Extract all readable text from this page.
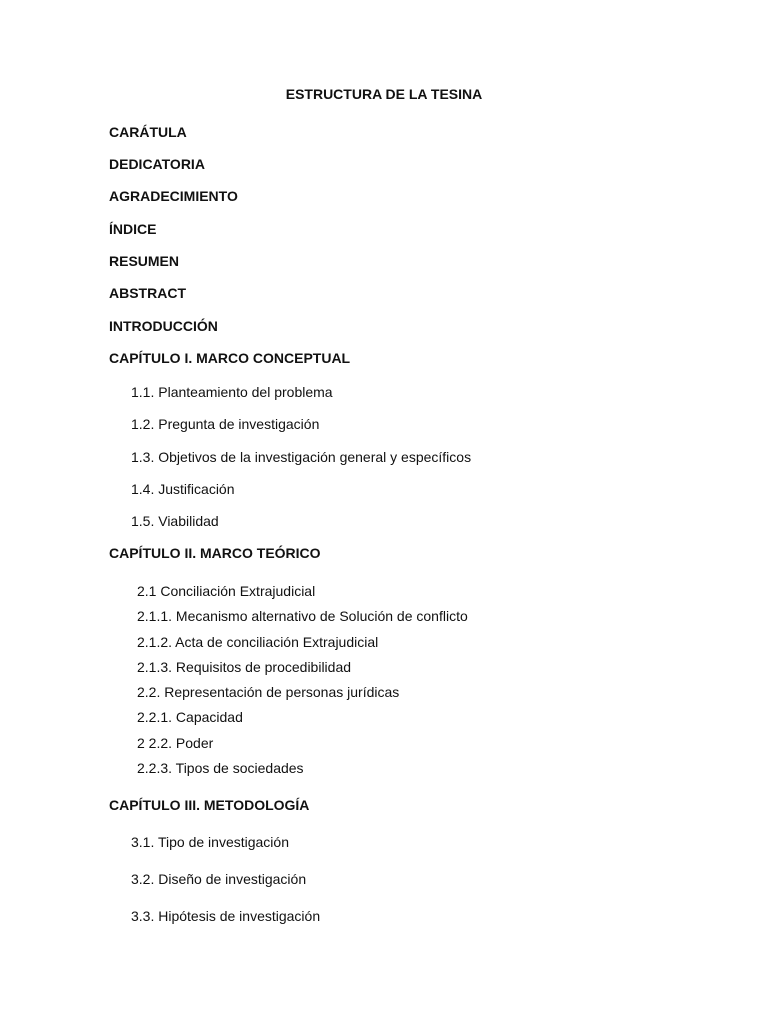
ESTRUCTURA DE LA TESINA
CARÁTULA
DEDICATORIA
AGRADECIMIENTO
ÍNDICE
RESUMEN
ABSTRACT
INTRODUCCIÓN
CAPÍTULO I. MARCO CONCEPTUAL
1.1. Planteamiento del problema
1.2. Pregunta de investigación
1.3. Objetivos de la investigación general y específicos
1.4. Justificación
1.5. Viabilidad
CAPÍTULO II. MARCO TEÓRICO
2.1 Conciliación Extrajudicial
2.1.1. Mecanismo alternativo de Solución de conflicto
2.1.2. Acta de conciliación Extrajudicial
2.1.3. Requisitos de procedibilidad
2.2. Representación de personas jurídicas
2.2.1. Capacidad
2 2.2. Poder
2.2.3. Tipos de sociedades
CAPÍTULO III. METODOLOGÍA
3.1. Tipo de investigación
3.2. Diseño de investigación
3.3. Hipótesis de investigación
